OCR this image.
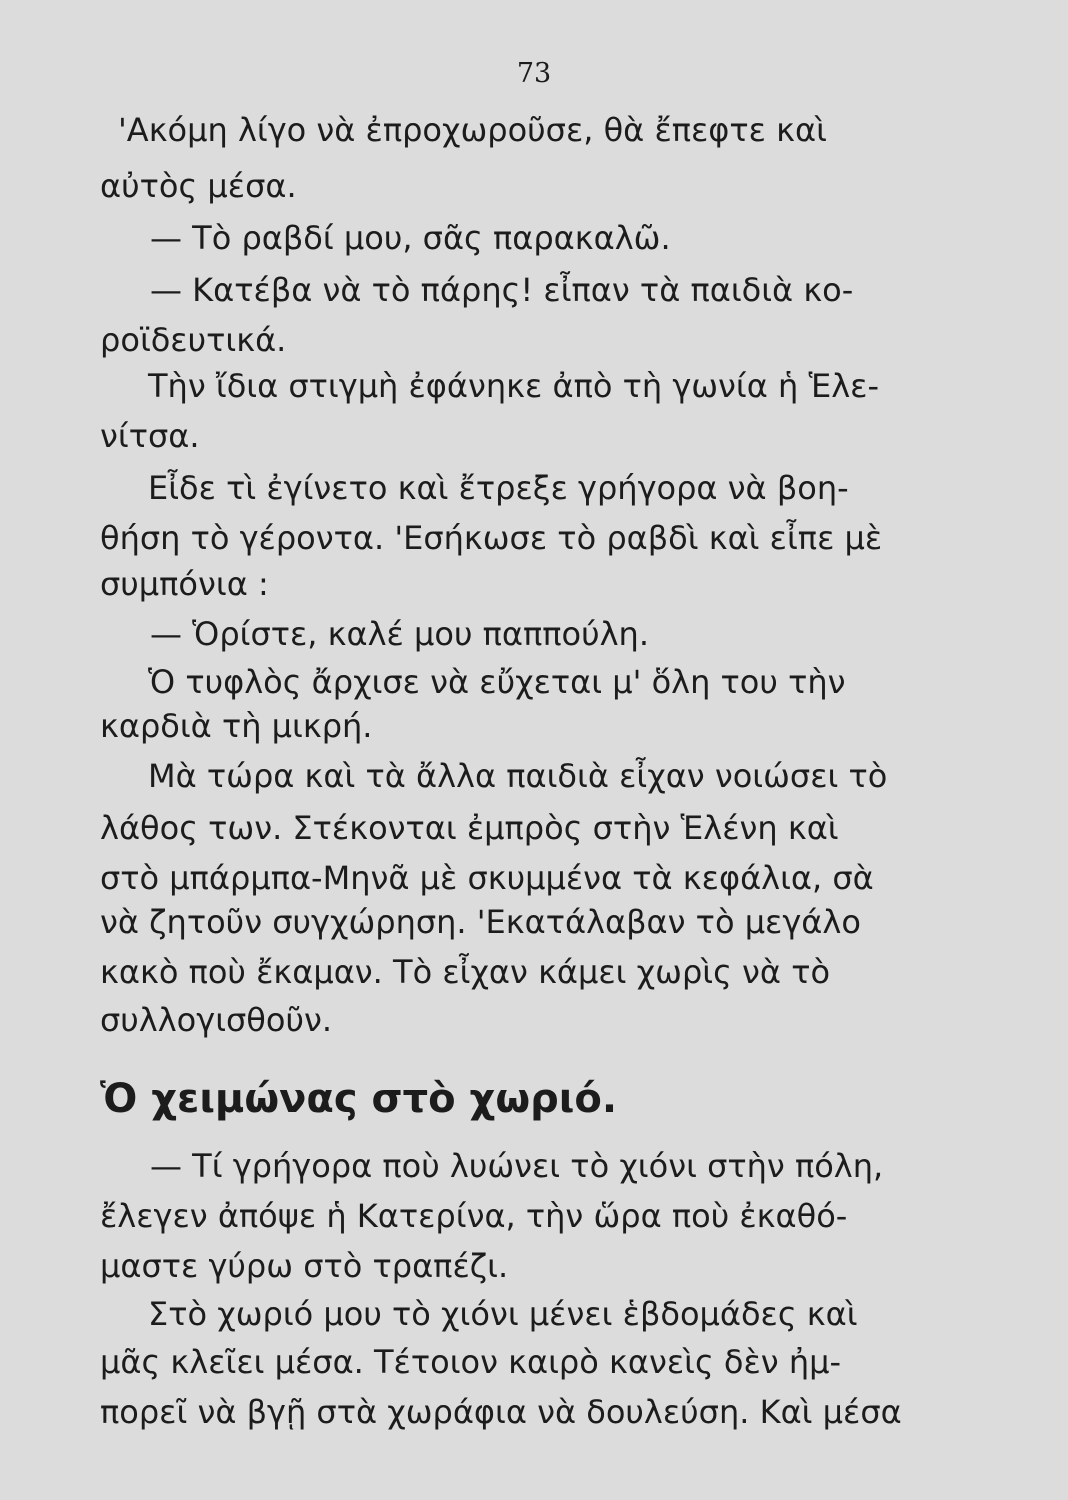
73
'Ακόμη λίγο νὰ ἐπροχωροῦσε, θὰ ἔπεφτε καὶ
αὐτὸς μέσα.
— Τὸ ραβδί μου, σᾶς παρακαλῶ.
— Κατέβα νὰ τὸ πάρης! εἶπαν τὰ παιδιὰ κο-
ροϊδευτικά.
Τὴν ἴδια στιγμὴ ἐφάνηκε ἀπὸ τὴ γωνία ἡ Ἑλε-
νίτσα.
Εἶδε τὶ ἐγίνετο καὶ ἔτρεξε γρήγορα νὰ βοη-
θήση τὸ γέροντα. 'Εσήκωσε τὸ ραβδὶ καὶ εἶπε μὲ
συμπόνια :
— Ὁρίστε, καλέ μου παππούλη.
Ὁ τυφλὸς ἄρχισε νὰ εὔχεται μ' ὅλη του τὴν
καρδιὰ τὴ μικρή.
Μὰ τώρα καὶ τὰ ἄλλα παιδιὰ εἶχαν νοιώσει τὸ
λάθος των. Στέκονται ἐμπρὸς στὴν Ἑλένη καὶ
στὸ μπάρμπα-Μηνᾶ μὲ σκυμμένα τὰ κεφάλια, σὰ
νὰ ζητοῦν συγχώρηση. 'Εκατάλαβαν τὸ μεγάλο
κακὸ ποὺ ἔκαμαν. Τὸ εἶχαν κάμει χωρὶς νὰ τὸ
συλλογισθοῦν.
Ὁ χειμώνας στὸ χωριό.
— Τί γρήγορα ποὺ λυώνει τὸ χιόνι στὴν πόλη,
ἔλεγεν ἀπόψε ἡ Κατερίνα, τὴν ὥρα ποὺ ἐκαθό-
μαστε γύρω στὸ τραπέζι.
Στὸ χωριό μου τὸ χιόνι μένει ἑβδομάδες καὶ
μᾶς κλεῖει μέσα. Τέτοιον καιρὸ κανεὶς δὲν ἠμ-
πορεῖ νὰ βγῇ στὰ χωράφια νὰ δουλεύση. Καὶ μέσα
